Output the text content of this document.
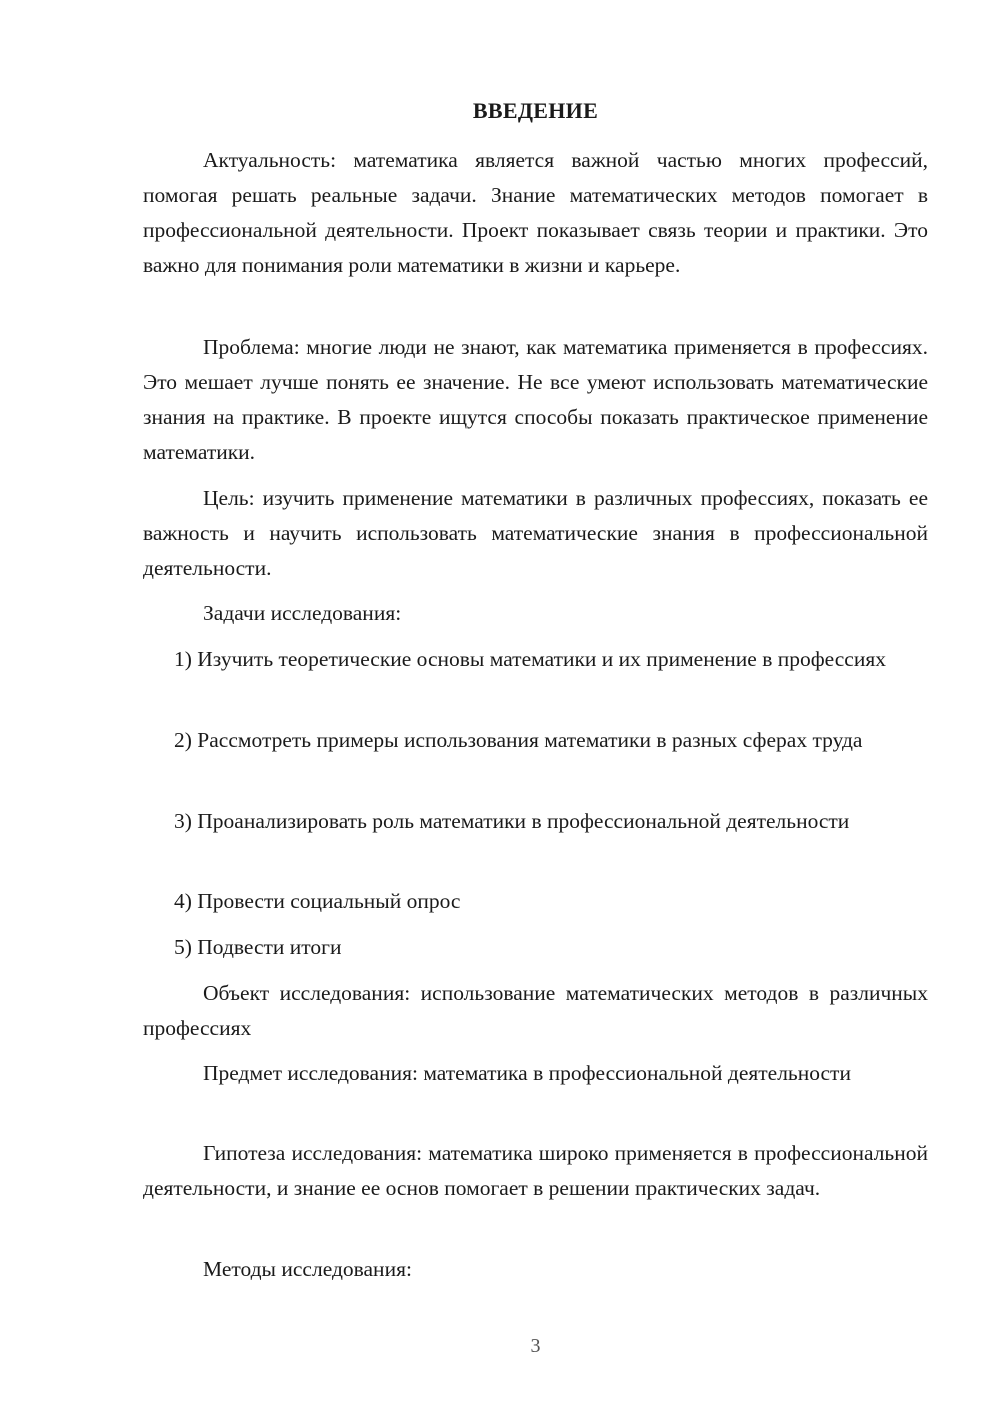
ВВЕДЕНИЕ

Актуальность: математика является важной частью многих профессий, помогая решать реальные задачи. Знание математических методов помогает в профессиональной деятельности. Проект показывает связь теории и практики. Это важно для понимания роли математики в жизни и карьере.

Проблема: многие люди не знают, как математика применяется в профессиях. Это мешает лучше понять ее значение. Не все умеют использовать математические знания на практике. В проекте ищутся способы показать практическое применение математики.

Цель: изучить применение математики в различных профессиях, показать ее важность и научить использовать математические знания в профессиональной деятельности.

Задачи исследования:

1) Изучить теоретические основы математики и их применение в профессиях

2) Рассмотреть примеры использования математики в разных сферах труда

3) Проанализировать роль математики в профессиональной деятельности

4) Провести социальный опрос

5) Подвести итоги

Объект исследования: использование математических методов в различных профессиях

Предмет исследования: математика в профессиональной деятельности

Гипотеза исследования: математика широко применяется в профессиональной деятельности, и знание ее основ помогает в решении практических задач.

Методы исследования:

3
